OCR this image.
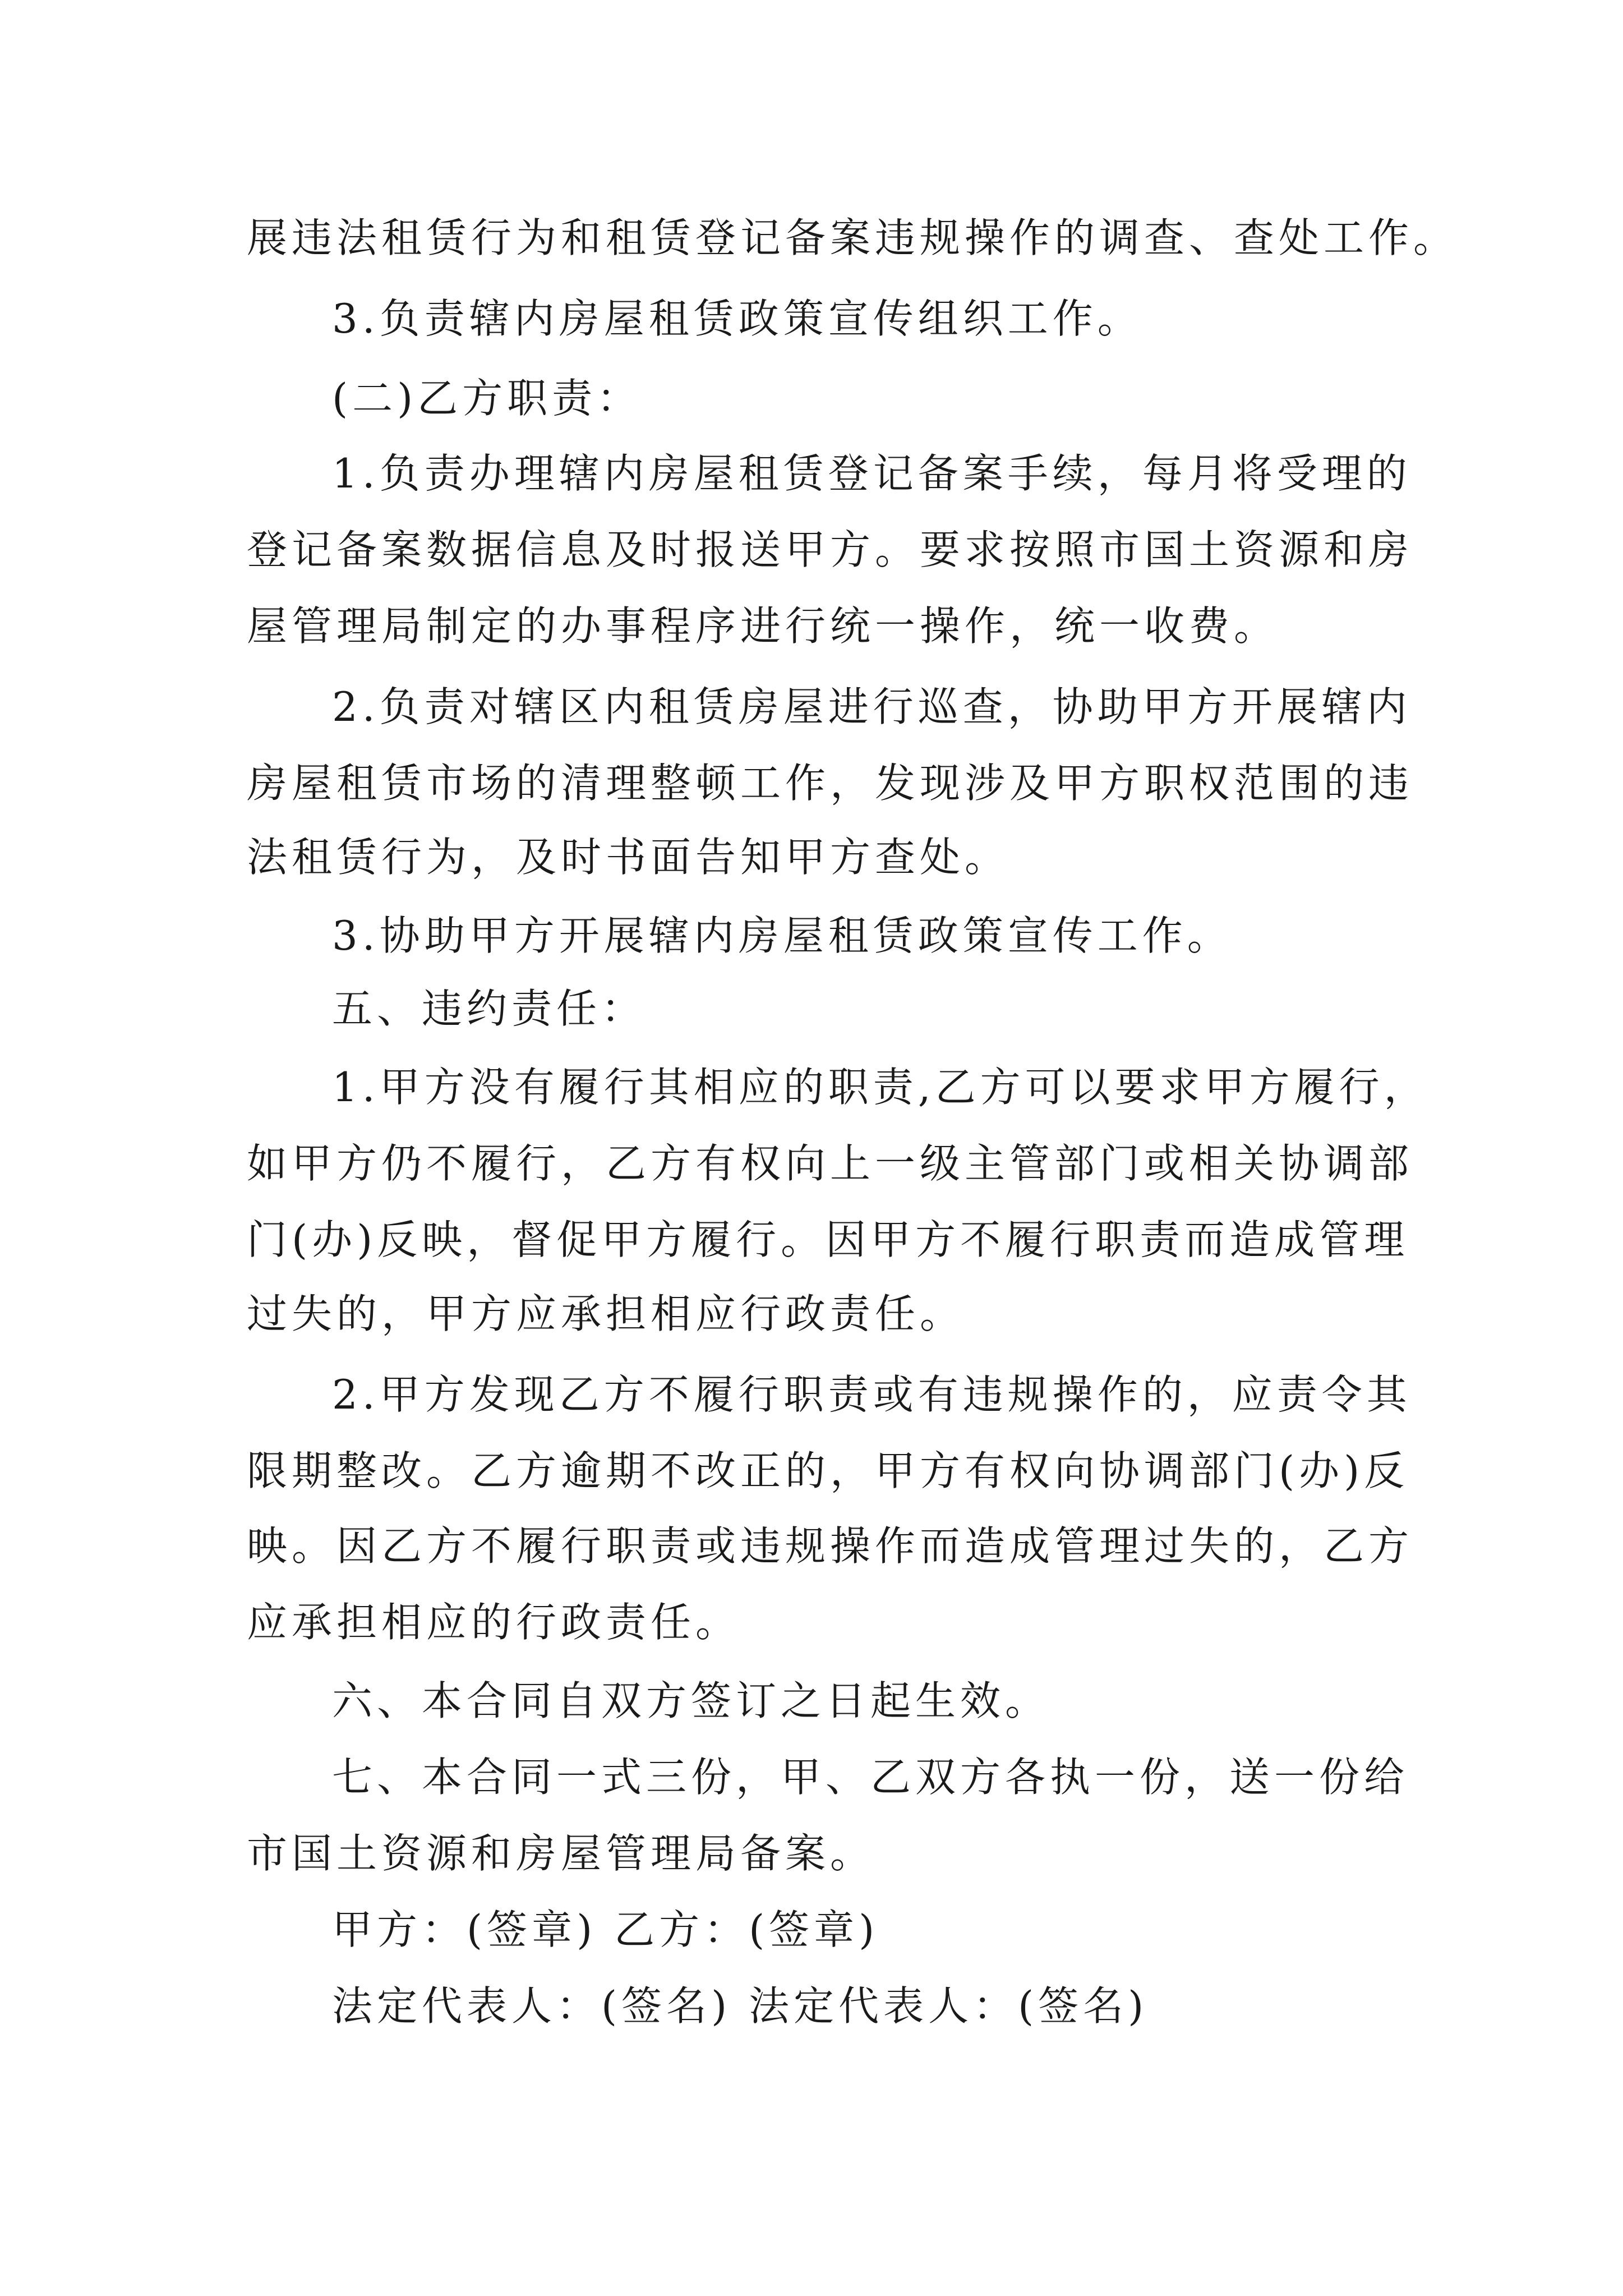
展违法租赁行为和租赁登记备案违规操作的调查、查处工作。
3.负责辖内房屋租赁政策宣传组织工作。
(二)乙方职责：
1.负责办理辖内房屋租赁登记备案手续，每月将受理的
登记备案数据信息及时报送甲方。要求按照市国土资源和房
屋管理局制定的办事程序进行统一操作，统一收费。
2.负责对辖区内租赁房屋进行巡查，协助甲方开展辖内
房屋租赁市场的清理整顿工作，发现涉及甲方职权范围的违
法租赁行为，及时书面告知甲方查处。
3.协助甲方开展辖内房屋租赁政策宣传工作。
五、违约责任：
1.甲方没有履行其相应的职责,乙方可以要求甲方履行，
如甲方仍不履行，乙方有权向上一级主管部门或相关协调部
门(办)反映，督促甲方履行。因甲方不履行职责而造成管理
过失的，甲方应承担相应行政责任。
2.甲方发现乙方不履行职责或有违规操作的，应责令其
限期整改。乙方逾期不改正的，甲方有权向协调部门(办)反
映。因乙方不履行职责或违规操作而造成管理过失的，乙方
应承担相应的行政责任。
六、本合同自双方签订之日起生效。
七、本合同一式三份，甲、乙双方各执一份，送一份给
市国土资源和房屋管理局备案。
甲方：(签章) 乙方：(签章)
法定代表人：(签名) 法定代表人：(签名)
